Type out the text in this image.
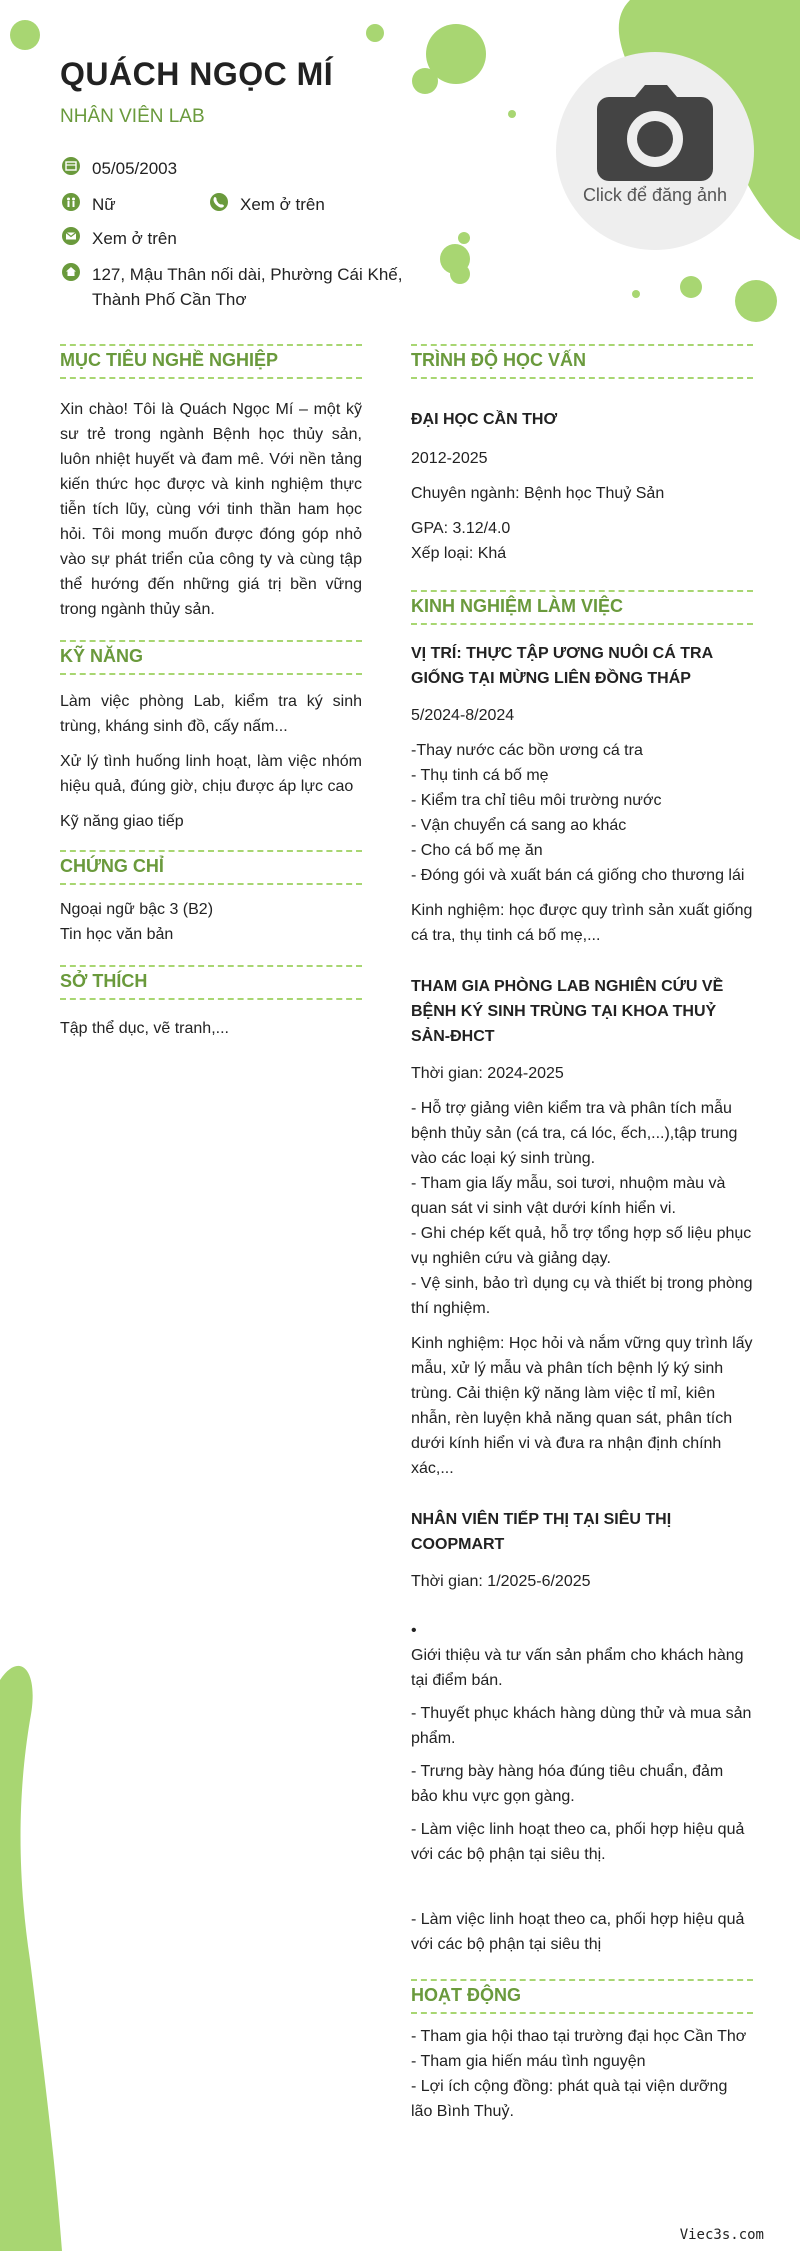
QUÁCH NGỌC MÍ

NHÂN VIÊN LAB

05/05/2003
Nữ	Xem ở trên
Xem ở trên
127, Mậu Thân nối dài, Phường Cái Khế,
Thành Phố Cần Thơ
Click để đăng ảnh
MỤC TIÊU NGHỀ NGHIỆP

Xin chào! Tôi là Quách Ngọc Mí – một kỹ sư trẻ trong ngành Bệnh học thủy sản, luôn nhiệt huyết và đam mê. Với nền tảng kiến thức học được và kinh nghiệm thực tiễn tích lũy, cùng với tinh thần ham học hỏi. Tôi mong muốn được đóng góp nhỏ vào sự phát triển của công ty và cùng tập thể hướng đến những giá trị bền vững trong ngành thủy sản.

KỸ NĂNG

Làm việc phòng Lab, kiểm tra ký sinh trùng, kháng sinh đồ, cấy nấm...

Xử lý tình huống linh hoạt, làm việc nhóm hiệu quả, đúng giờ, chịu được áp lực cao

Kỹ năng giao tiếp

CHỨNG CHỈ

Ngoại ngữ bậc 3 (B2)

Tin học văn bản

SỞ THÍCH

Tập thể dục, vẽ tranh,...

TRÌNH ĐỘ HỌC VẤN

ĐẠI HỌC CẦN THƠ

2012-2025

Chuyên ngành: Bệnh học Thuỷ Sản

GPA: 3.12/4.0

Xếp loại: Khá

KINH NGHIỆM LÀM VIỆC

VỊ TRÍ: THỰC TẬP ƯƠNG NUÔI CÁ TRA GIỐNG TẠI MỪNG LIÊN ĐỒNG THÁP

5/2024-8/2024

-Thay nước các bồn ương cá tra

- Thụ tinh cá bố mẹ

- Kiểm tra chỉ tiêu môi trường nước

- Vận chuyển cá sang ao khác

- Cho cá bố mẹ ăn

- Đóng gói và xuất bán cá giống cho thương lái

Kinh nghiệm: học được quy trình sản xuất giống cá tra, thụ tinh cá bố mẹ,...

THAM GIA PHÒNG LAB NGHIÊN CỨU VỀ BỆNH KÝ SINH TRÙNG TẠI KHOA THUỶ SẢN-ĐHCT

Thời gian: 2024-2025

- Hỗ trợ giảng viên kiểm tra và phân tích mẫu bệnh thủy sản (cá tra, cá lóc, ếch,...),tập trung vào các loại ký sinh trùng.

- Tham gia lấy mẫu, soi tươi, nhuộm màu và quan sát vi sinh vật dưới kính hiển vi.

- Ghi chép kết quả, hỗ trợ tổng hợp số liệu phục vụ nghiên cứu và giảng dạy.

- Vệ sinh, bảo trì dụng cụ và thiết bị trong phòng thí nghiệm.

Kinh nghiệm: Học hỏi và nắm vững quy trình lấy mẫu, xử lý mẫu và phân tích bệnh lý ký sinh trùng. Cải thiện kỹ năng làm việc tỉ mỉ, kiên nhẫn, rèn luyện khả năng quan sát, phân tích dưới kính hiển vi và đưa ra nhận định chính xác,...

NHÂN VIÊN TIẾP THỊ TẠI SIÊU THỊ COOPMART

Thời gian: 1/2025-6/2025

•

Giới thiệu và tư vấn sản phẩm cho khách hàng tại điểm bán.

- Thuyết phục khách hàng dùng thử và mua sản phẩm.

- Trưng bày hàng hóa đúng tiêu chuẩn, đảm bảo khu vực gọn gàng.

- Làm việc linh hoạt theo ca, phối hợp hiệu quả với các bộ phận tại siêu thị.

- Làm việc linh hoạt theo ca, phối hợp hiệu quả với các bộ phận tại siêu thị

HOẠT ĐỘNG

- Tham gia hội thao tại trường đại học Cần Thơ

- Tham gia hiến máu tình nguyện

- Lợi ích cộng đồng: phát quà tại viện dưỡng lão Bình Thuỷ.

Viec3s.com
